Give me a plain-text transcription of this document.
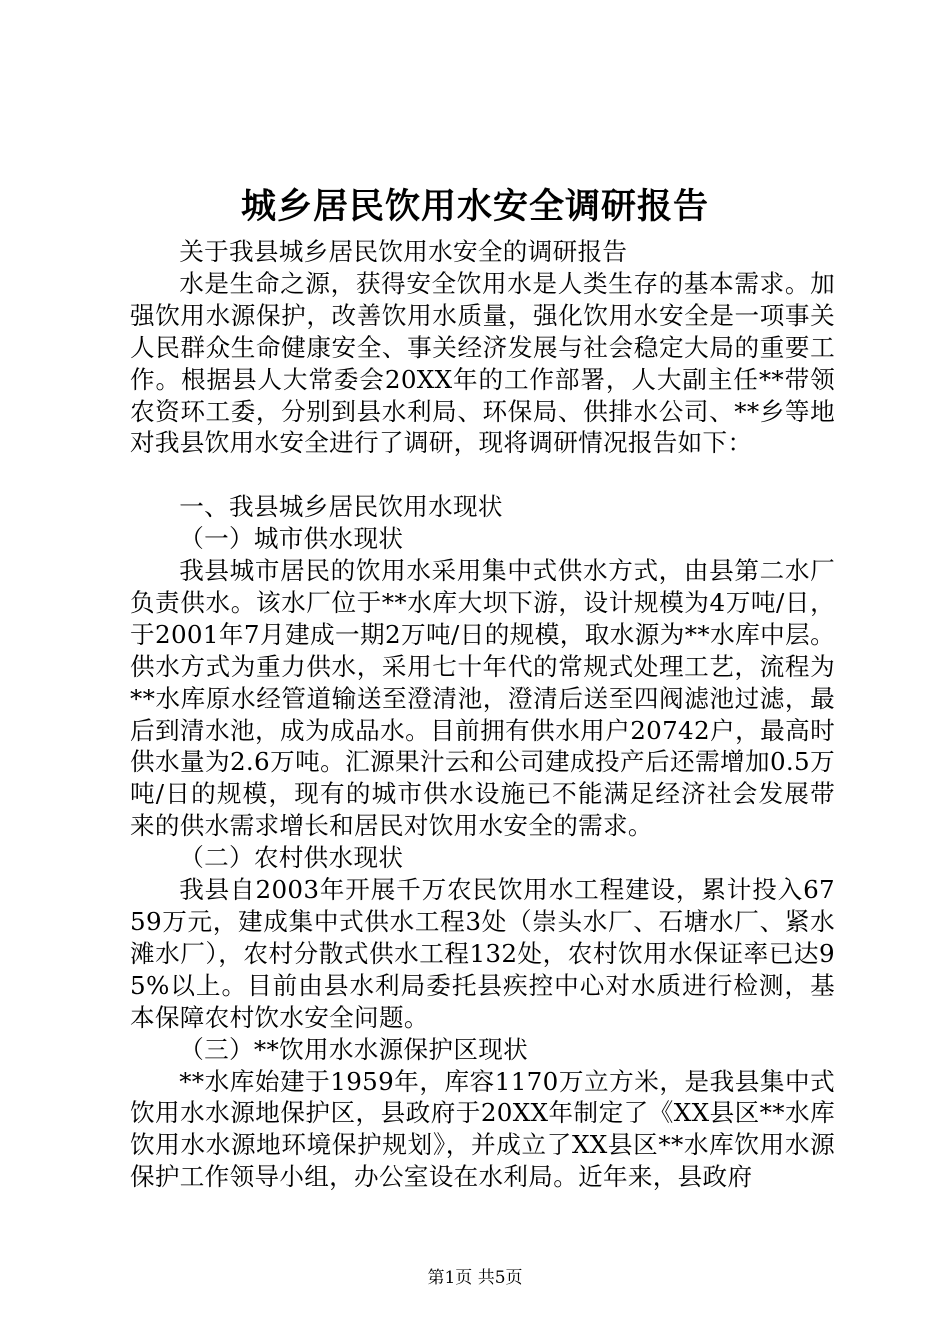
城乡居民饮用水安全调研报告

关于我县城乡居民饮用水安全的调研报告

水是生命之源，获得安全饮用水是人类生存的基本需求。加强饮用水源保护，改善饮用水质量，强化饮用水安全是一项事关人民群众生命健康安全、事关经济发展与社会稳定大局的重要工作。根据县人大常委会20XX年的工作部署，人大副主任**带领农资环工委，分别到县水利局、环保局、供排水公司、**乡等地对我县饮用水安全进行了调研，现将调研情况报告如下：

一、我县城乡居民饮用水现状

（一）城市供水现状

我县城市居民的饮用水采用集中式供水方式，由县第二水厂负责供水。该水厂位于**水库大坝下游，设计规模为4万吨/日，于2001年7月建成一期2万吨/日的规模，取水源为**水库中层。供水方式为重力供水，采用七十年代的常规式处理工艺，流程为**水库原水经管道输送至澄清池，澄清后送至四阀滤池过滤，最后到清水池，成为成品水。目前拥有供水用户20742户，最高时供水量为2.6万吨。汇源果汁云和公司建成投产后还需增加0.5万吨/日的规模，现有的城市供水设施已不能满足经济社会发展带来的供水需求增长和居民对饮用水安全的需求。

（二）农村供水现状

我县自2003年开展千万农民饮用水工程建设，累计投入6759万元，建成集中式供水工程3处（崇头水厂、石塘水厂、紧水滩水厂），农村分散式供水工程132处，农村饮用水保证率已达95%以上。目前由县水利局委托县疾控中心对水质进行检测，基本保障农村饮水安全问题。

（三）**饮用水水源保护区现状

**水库始建于1959年，库容1170万立方米，是我县集中式饮用水水源地保护区，县政府于20XX年制定了《XX县区**水库饮用水水源地环境保护规划》，并成立了XX县区**水库饮用水源保护工作领导小组，办公室设在水利局。近年来，县政府

第1页 共5页
